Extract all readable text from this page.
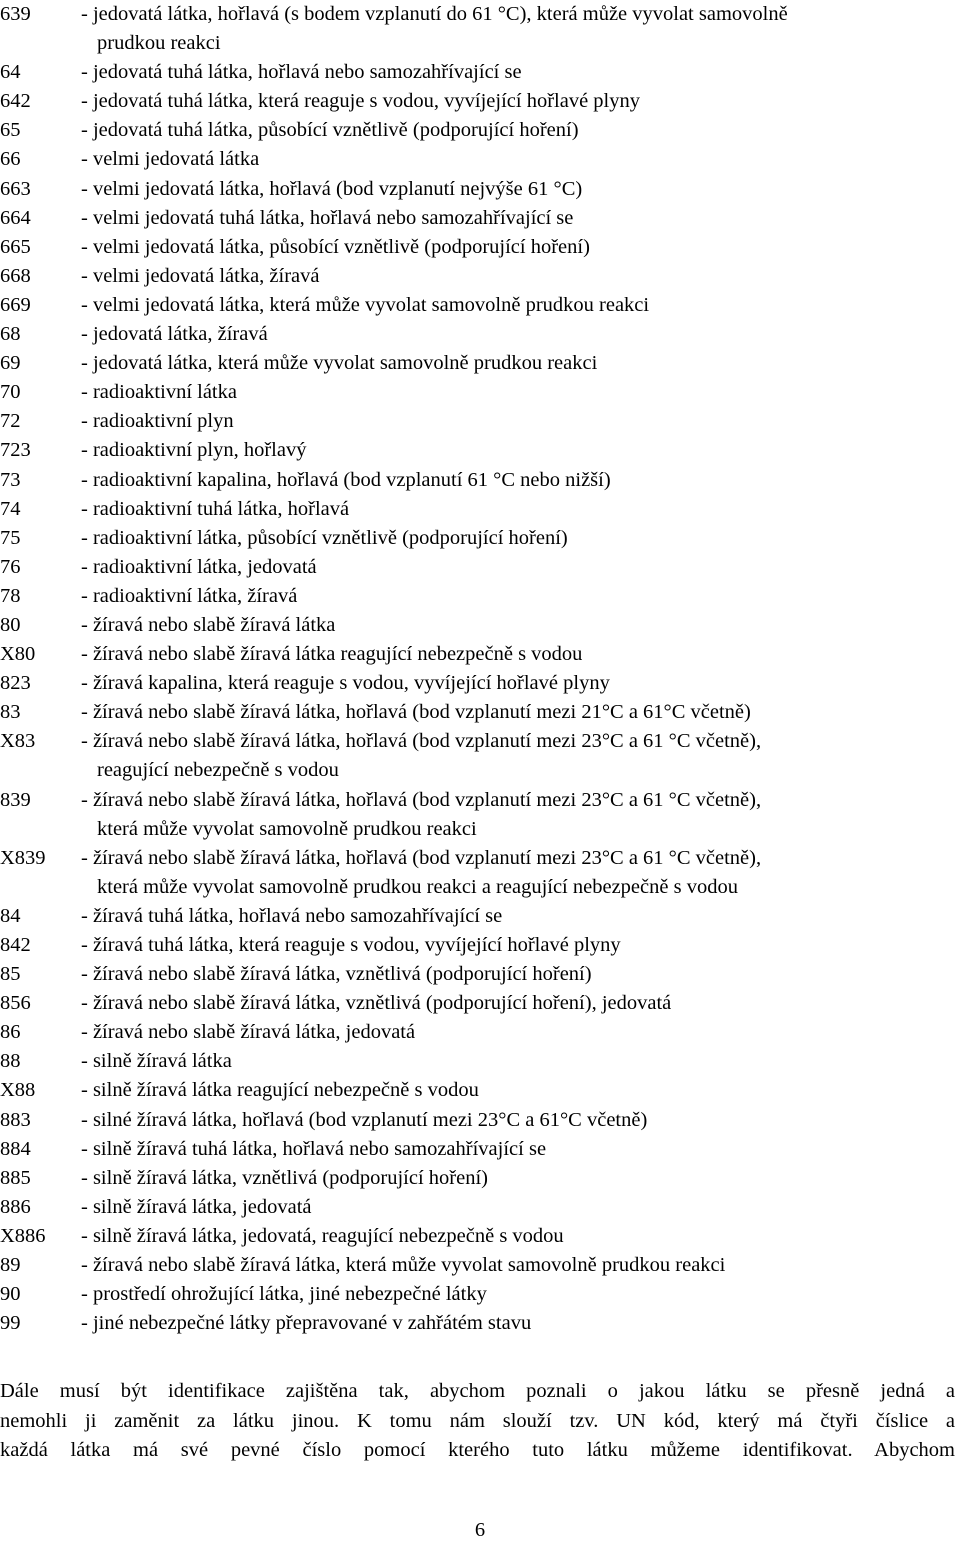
639 - jedovatá látka, hořlavá (s bodem vzplanutí do 61 °C), která může vyvolat samovolně
prudkou reakci
64	- jedovatá tuhá látka, hořlavá nebo samozahřívající se
642 - jedovatá tuhá látka, která reaguje s vodou, vyvíjející hořlavé plyny
65	- jedovatá tuhá látka, působící vznětlivě (podporující hoření)
66	- velmi jedovatá látka
663 - velmi jedovatá látka, hořlavá (bod vzplanutí nejvýše 61 °C)
664 - velmi jedovatá tuhá látka, hořlavá nebo samozahřívající se
665 - velmi jedovatá látka, působící vznětlivě (podporující hoření)
668 - velmi jedovatá látka, žíravá
669 - velmi jedovatá látka, která může vyvolat samovolně prudkou reakci
68	- jedovatá látka, žíravá
69	- jedovatá látka, která může vyvolat samovolně prudkou reakci
70	- radioaktivní látka
72	- radioaktivní plyn
723 - radioaktivní plyn, hořlavý
73	- radioaktivní kapalina, hořlavá (bod vzplanutí 61 °C nebo nižší)
74	- radioaktivní tuhá látka, hořlavá
75	- radioaktivní látka, působící vznětlivě (podporující hoření)
76	- radioaktivní látka, jedovatá
78	- radioaktivní látka, žíravá
80	- žíravá nebo slabě žíravá látka
X80 - žíravá nebo slabě žíravá látka reagující nebezpečně s vodou
823 - žíravá kapalina, která reaguje s vodou, vyvíjející hořlavé plyny
83	- žíravá nebo slabě žíravá látka, hořlavá (bod vzplanutí mezi 21°C a 61°C včetně)
X83 - žíravá nebo slabě žíravá látka, hořlavá (bod vzplanutí mezi 23°C a 61 °C včetně),
reagující nebezpečně s vodou
839 - žíravá nebo slabě žíravá látka, hořlavá (bod vzplanutí mezi 23°C a 61 °C včetně),
která může vyvolat samovolně prudkou reakci
X839 - žíravá nebo slabě žíravá látka, hořlavá (bod vzplanutí mezi 23°C a 61 °C včetně),
která může vyvolat samovolně prudkou reakci a reagující nebezpečně s vodou
84	- žíravá tuhá látka, hořlavá nebo samozahřívající se
842 - žíravá tuhá látka, která reaguje s vodou, vyvíjející hořlavé plyny
85	- žíravá nebo slabě žíravá látka, vznětlivá (podporující hoření)
856 - žíravá nebo slabě žíravá látka, vznětlivá (podporující hoření), jedovatá
86	- žíravá nebo slabě žíravá látka, jedovatá
88	- silně žíravá látka
X88 - silně žíravá látka reagující nebezpečně s vodou
883 - silné žíravá látka, hořlavá (bod vzplanutí mezi 23°C a 61°C včetně)
884 - silně žíravá tuhá látka, hořlavá nebo samozahřívající se
885 - silně žíravá látka, vznětlivá (podporující hoření)
886 - silně žíravá látka, jedovatá
X886 - silně žíravá látka, jedovatá, reagující nebezpečně s vodou
89	- žíravá nebo slabě žíravá látka, která může vyvolat samovolně prudkou reakci
90	- prostředí ohrožující látka, jiné nebezpečné látky
99	- jiné nebezpečné látky přepravované v zahřátém stavu
Dále musí být identifikace zajištěna tak, abychom poznali o jakou látku se přesně jedná a
nemohli ji zaměnit za látku jinou. K tomu nám slouží tzv. UN kód, který má čtyři číslice a
každá látka má své pevné číslo pomocí kterého tuto látku můžeme identifikovat. Abychom
6
